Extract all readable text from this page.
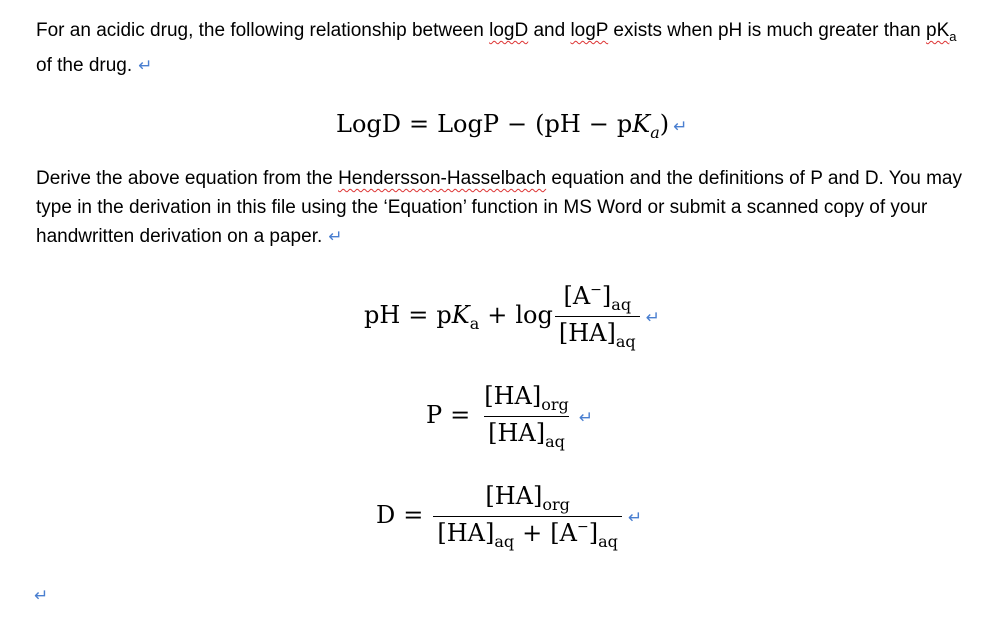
For an acidic drug, the following relationship between logD and logP exists when pH is much greater than $pK_a$ of the drug. ↵
LogD = LogP − $(pH - pK_a)$ ↵
Derive the above equation from the Hendersson-Hasselbach equation and the definitions of P and D. You may type in the derivation in this file using the ‘Equation’ function in MS Word or submit a scanned copy of your handwritten derivation on a paper. ↵
pH = $pK_a + \log \frac{[A^-]_{aq}}{[HA]_{aq}}$ ↵
$P = \frac{[HA]_{org}}{[HA]_{aq}}$ ↵
$D = \frac{[HA]_{org}}{[HA]_{aq} + [A^-]_{aq}}$ ↵
↵
